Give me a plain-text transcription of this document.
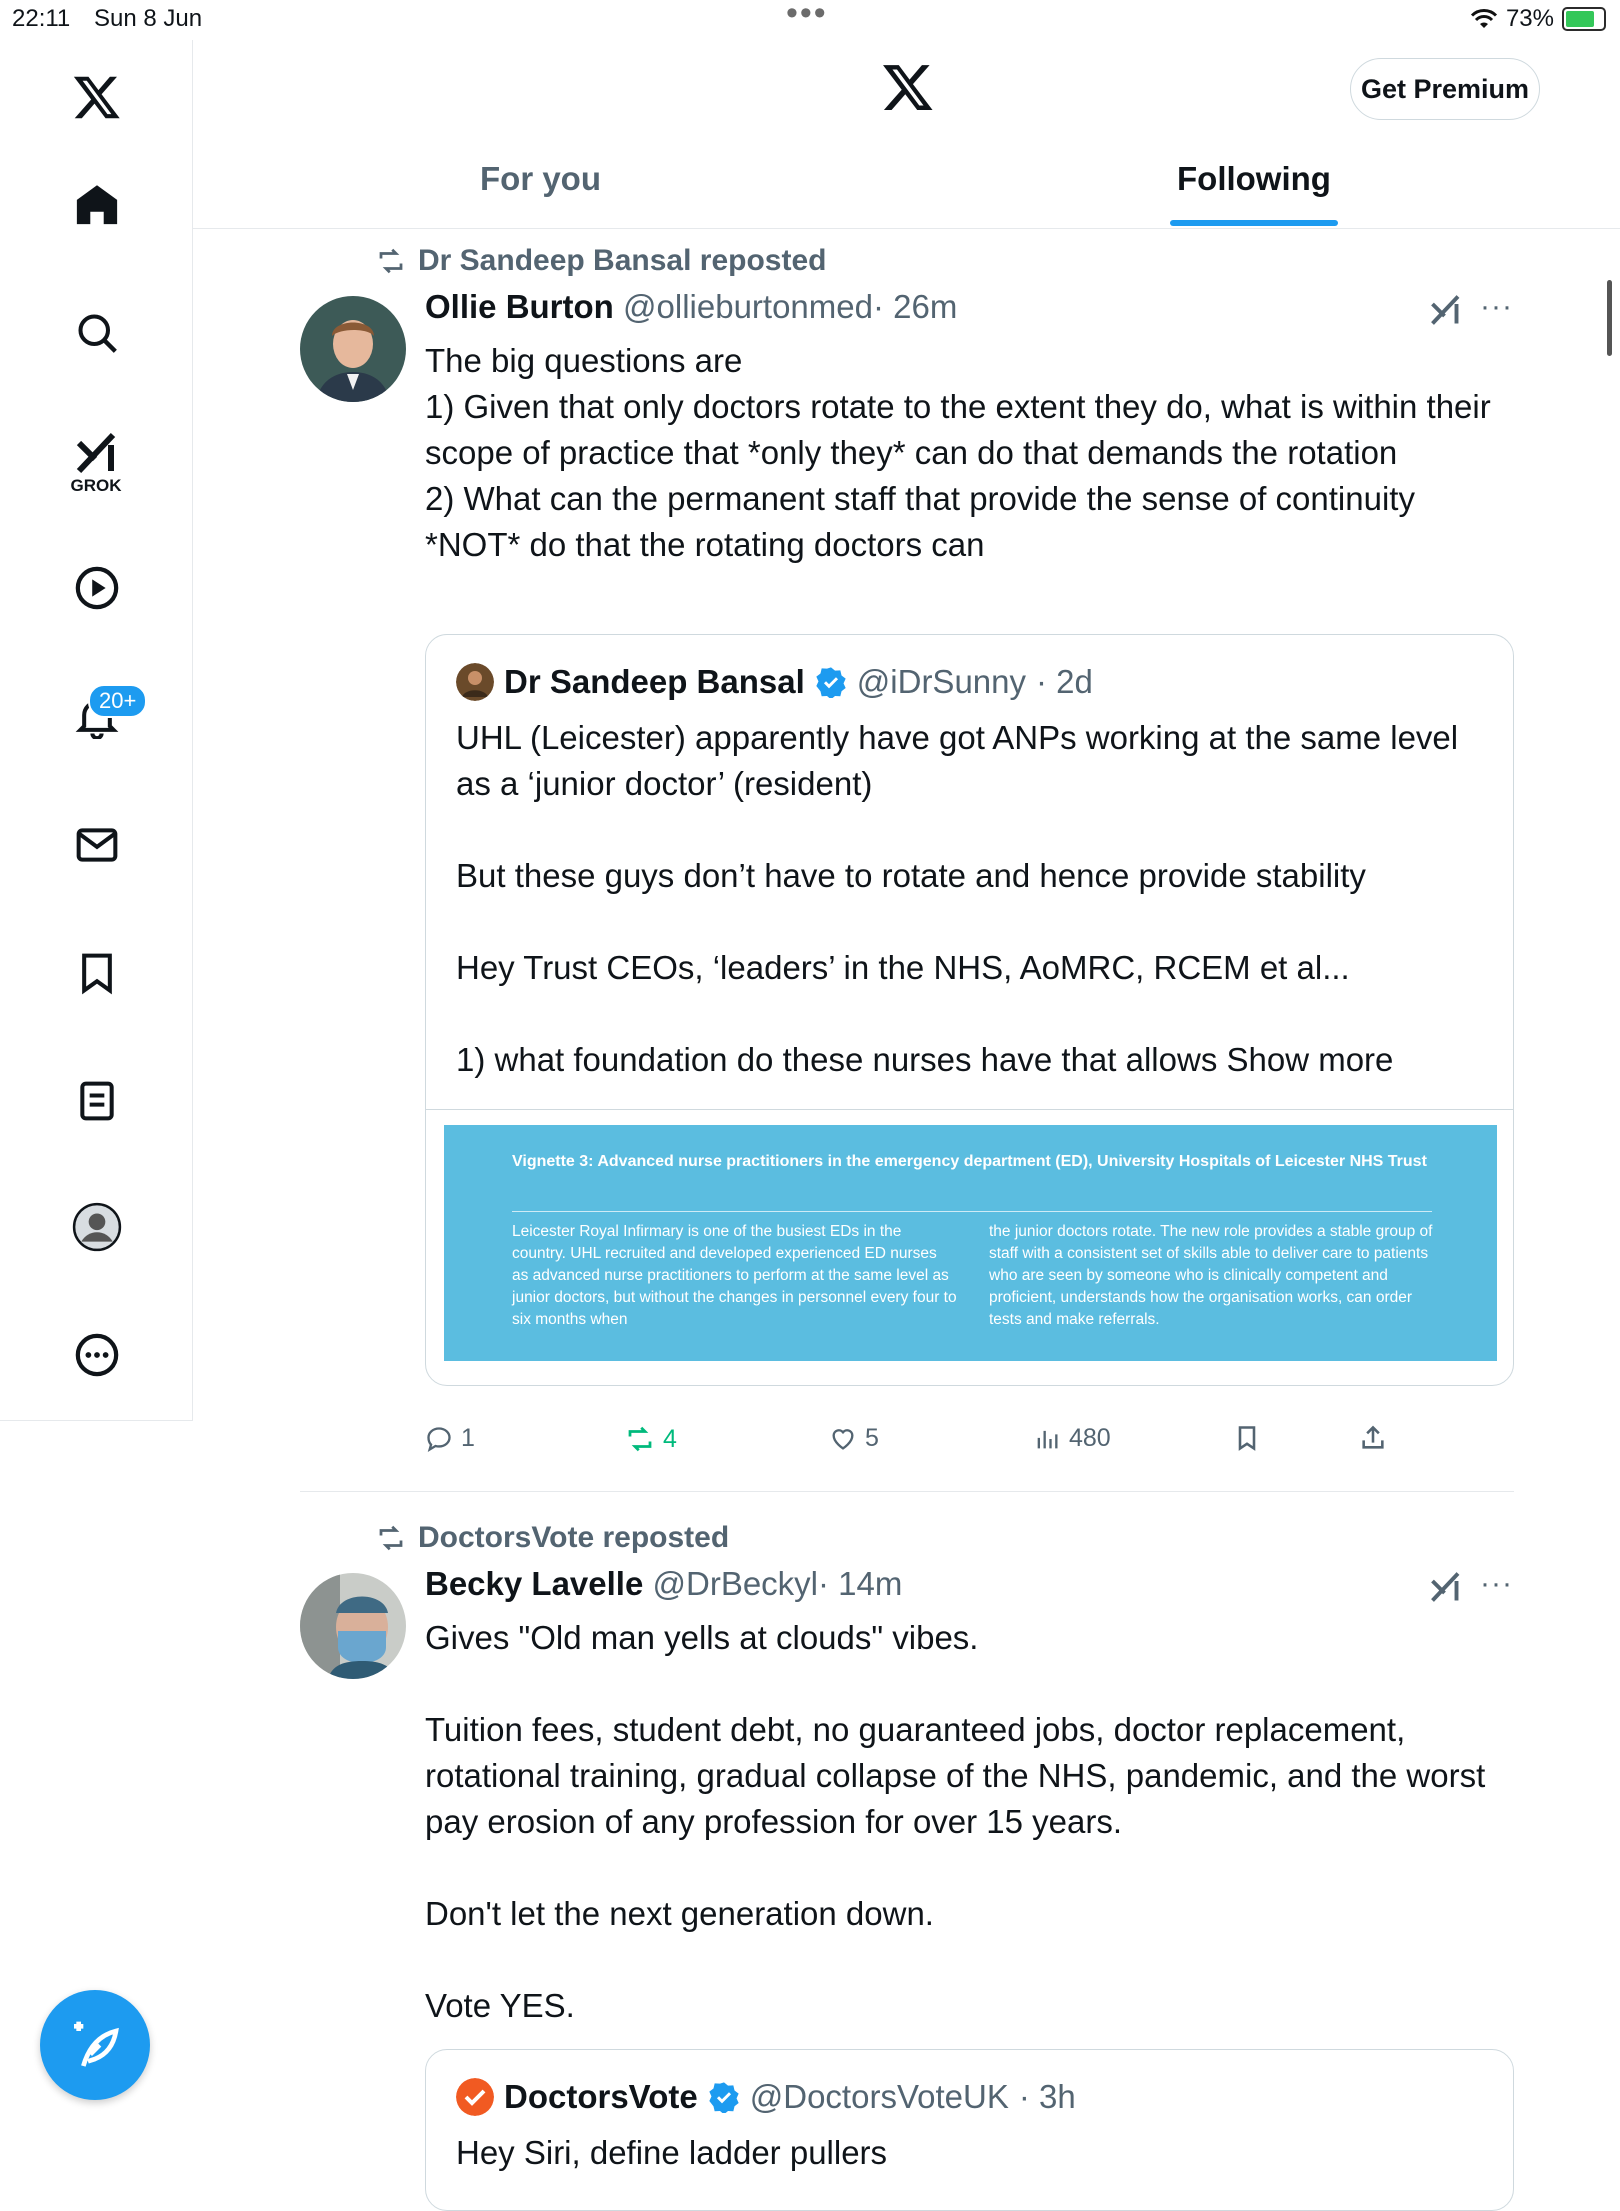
22:11 Sun 8 Jun	•••	73%
GROK
20+
Get Premium
For you	Following
Dr Sandeep Bansal reposted
Ollie Burton @ollieburtonmed· 26m	···
The big questions are
1) Given that only doctors rotate to the extent they do, what is within their scope of practice that *only they* can do that demands the rotation
2) What can the permanent staff that provide the sense of continuity *NOT* do that the rotating doctors can
Dr Sandeep Bansal @iDrSunny · 2d
UHL (Leicester) apparently have got ANPs working at the same level as a ‘junior doctor’ (resident)

But these guys don’t have to rotate and hence provide stability

Hey Trust CEOs, ‘leaders’ in the NHS, AoMRC, RCEM et al...

1) what foundation do these nurses have that allows Show more
Vignette 3: Advanced nurse practitioners in the emergency department (ED), University Hospitals of Leicester NHS Trust
Leicester Royal Infirmary is one of the busiest EDs in the country. UHL recruited and developed experienced ED nurses as advanced nurse practitioners to perform at the same level as junior doctors, but without the changes in personnel every four to six months when
the junior doctors rotate. The new role provides a stable group of staff with a consistent set of skills able to deliver care to patients who are seen by someone who is clinically competent and proficient, understands how the organisation works, can order tests and make referrals.
1	4	5	480
DoctorsVote reposted
Becky Lavelle @DrBeckyl· 14m	···
Gives "Old man yells at clouds" vibes.

Tuition fees, student debt, no guaranteed jobs, doctor replacement, rotational training, gradual collapse of the NHS, pandemic, and the worst pay erosion of any profession for over 15 years.

Don't let the next generation down.

Vote YES.
DoctorsVote @DoctorsVoteUK · 3h
Hey Siri, define ladder pullers
